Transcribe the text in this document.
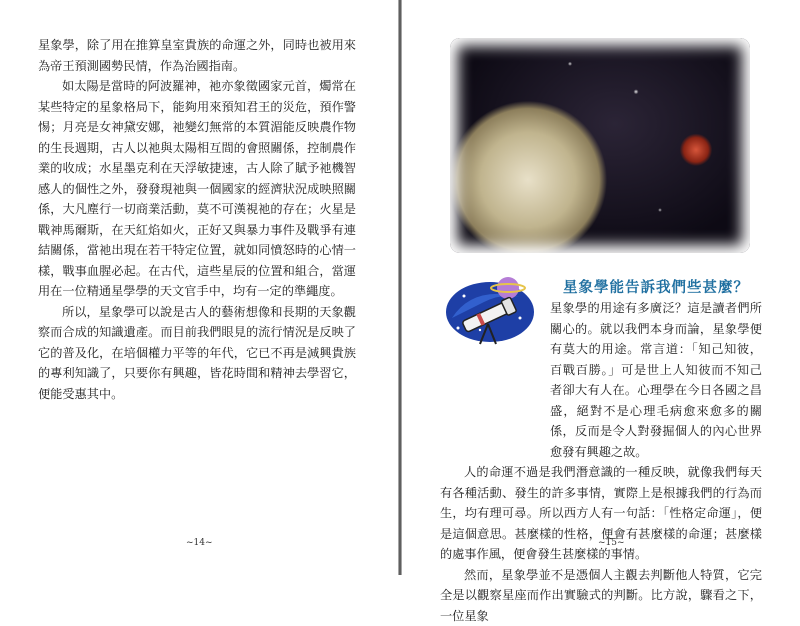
星象學，除了用在推算皇室貴族的命運之外，同時也被用來為帝王預測國勢民情，作為治國指南。

如太陽是當時的阿波羅神，祂亦象徵國家元首，燭常在某些特定的星象格局下，能夠用來預知君王的災危，預作警惕；月亮是女神黛安娜，祂變幻無常的本質湄能反映農作物的生長週期，古人以祂與太陽相互間的會照關係，控制農作業的收成；水星墨克利在天浮敏捷速，古人除了賦予祂機智感人的個性之外，發發現祂與一個國家的經濟狀況成映照關係，大凡塵行一切商業活動，莫不可漢視祂的存在；火星是戰神馬爾斯，在天紅焰如火，正好又與暴力事件及戰爭有連結關係，當祂出現在若干特定位置，就如同憤怒時的心情一樣，戰事血腥必起。在古代，這些星辰的位置和組合，當運用在一位精通星學學的天文官手中，均有一定的準繩度。

所以，星象學可以說是古人的藝術想像和長期的天象觀察而合成的知識遺產。而目前我們眼見的流行情況是反映了它的普及化，在培個權力平等的年代，它已不再是減興貴族的專利知識了，只要你有興趣，皆花時間和精神去學習它，便能受惠其中。

~14~
星象學能告訴我們些甚麼？

星象學的用途有多廣泛？這是讀者們所關心的。就以我們本身而論，星象學便有莫大的用途。常言道：「知己知彼，百戰百勝。」可是世上人知彼而不知己者卻大有人在。心理學在今日各國之昌盛，絕對不是心理毛病愈來愈多的關係，反而是令人對發掘個人的內心世界愈發有興趣之故。

人的命運不過是我們潛意識的一種反映，就像我們每天有各種活動、發生的許多事情，實際上是根據我們的行為而生，均有理可尋。所以西方人有一句話：「性格定命運」，便是這個意思。甚麼樣的性格，便會有甚麼樣的命運；甚麼樣的處事作風，便會發生甚麼樣的事情。

然而，星象學並不是憑個人主觀去判斷他人特質，它完全是以觀察星座而作出實驗式的判斷。比方說，驟看之下，一位星象

~15~
